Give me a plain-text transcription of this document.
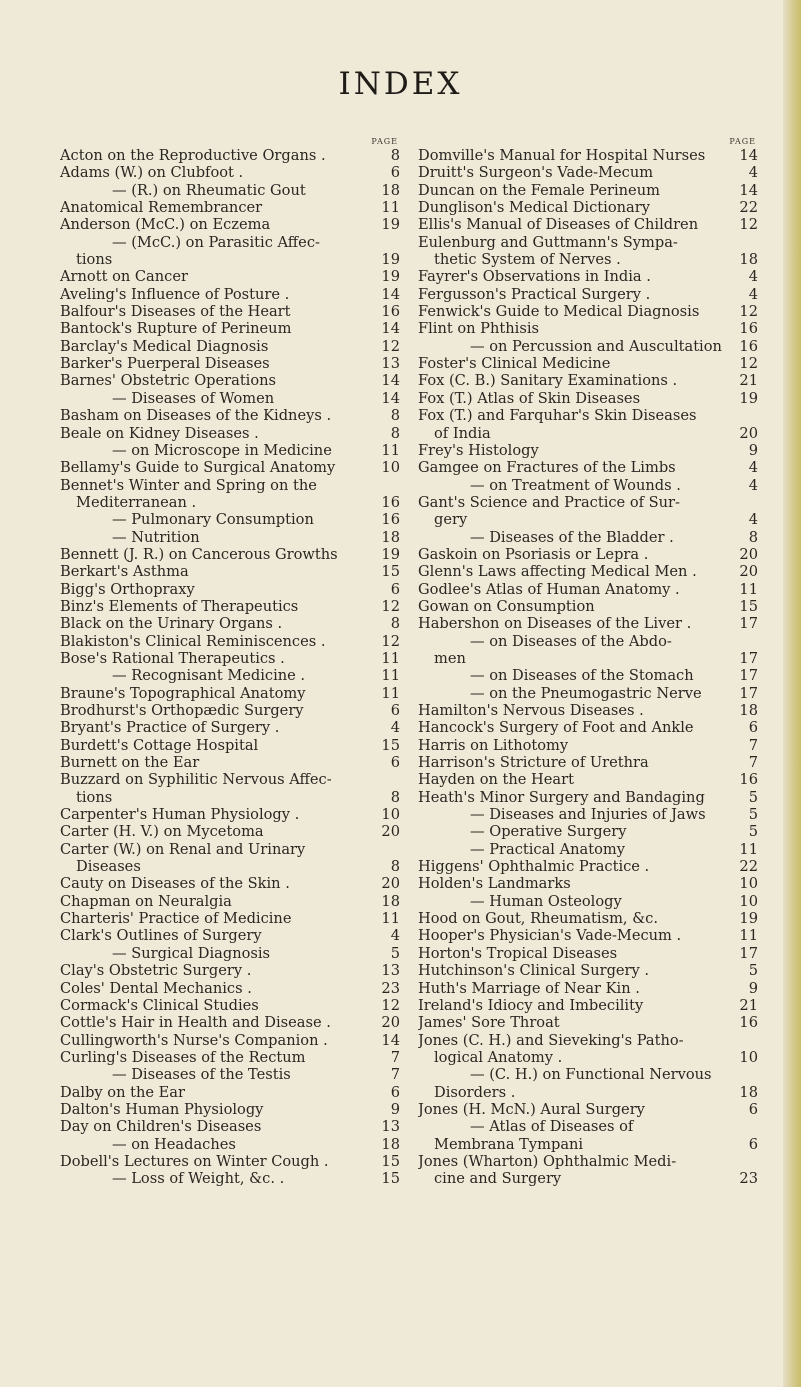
INDEX
PAGE
Acton on the Reproductive Organs .	8
Adams (W.) on Clubfoot .	6
— (R.) on Rheumatic Gout	18
Anatomical Remembrancer	11
Anderson (McC.) on Eczema	19
— (McC.) on Parasitic Affec-
tions	19
Arnott on Cancer	19
Aveling's Influence of Posture .	14
Balfour's Diseases of the Heart	16
Bantock's Rupture of Perineum	14
Barclay's Medical Diagnosis	12
Barker's Puerperal Diseases	13
Barnes' Obstetric Operations	14
— Diseases of Women	14
Basham on Diseases of the Kidneys .	8
Beale on Kidney Diseases .	8
— on Microscope in Medicine	11
Bellamy's Guide to Surgical Anatomy	10
Bennet's Winter and Spring on the
Mediterranean .	16
— Pulmonary Consumption	16
— Nutrition	18
Bennett (J. R.) on Cancerous Growths	19
Berkart's Asthma	15
Bigg's Orthopraxy	6
Binz's Elements of Therapeutics	12
Black on the Urinary Organs .	8
Blakiston's Clinical Reminiscences .	12
Bose's Rational Therapeutics .	11
— Recognisant Medicine .	11
Braune's Topographical Anatomy	11
Brodhurst's Orthopædic Surgery	6
Bryant's Practice of Surgery .	4
Burdett's Cottage Hospital	15
Burnett on the Ear	6
Buzzard on Syphilitic Nervous Affec-
tions	8
Carpenter's Human Physiology .	10
Carter (H. V.) on Mycetoma	20
Carter (W.) on Renal and Urinary
Diseases	8
Cauty on Diseases of the Skin .	20
Chapman on Neuralgia	18
Charteris' Practice of Medicine	11
Clark's Outlines of Surgery	4
— Surgical Diagnosis	5
Clay's Obstetric Surgery .	13
Coles' Dental Mechanics .	23
Cormack's Clinical Studies	12
Cottle's Hair in Health and Disease .	20
Cullingworth's Nurse's Companion .	14
Curling's Diseases of the Rectum	7
— Diseases of the Testis	7
Dalby on the Ear	6
Dalton's Human Physiology	9
Day on Children's Diseases	13
— on Headaches	18
Dobell's Lectures on Winter Cough .	15
— Loss of Weight, &c. .	15
PAGE
Domville's Manual for Hospital Nurses	14
Druitt's Surgeon's Vade-Mecum	4
Duncan on the Female Perineum	14
Dunglison's Medical Dictionary	22
Ellis's Manual of Diseases of Children	12
Eulenburg and Guttmann's Sympa-
thetic System of Nerves .	18
Fayrer's Observations in India .	4
Fergusson's Practical Surgery .	4
Fenwick's Guide to Medical Diagnosis	12
Flint on Phthisis	16
— on Percussion and Auscultation	16
Foster's Clinical Medicine	12
Fox (C. B.) Sanitary Examinations .	21
Fox (T.) Atlas of Skin Diseases	19
Fox (T.) and Farquhar's Skin Diseases
of India	20
Frey's Histology	9
Gamgee on Fractures of the Limbs	4
— on Treatment of Wounds .	4
Gant's Science and Practice of Sur-
gery	4
— Diseases of the Bladder .	8
Gaskoin on Psoriasis or Lepra .	20
Glenn's Laws affecting Medical Men .	20
Godlee's Atlas of Human Anatomy .	11
Gowan on Consumption	15
Habershon on Diseases of the Liver .	17
— on Diseases of the Abdo-
men	17
— on Diseases of the Stomach	17
— on the Pneumogastric Nerve	17
Hamilton's Nervous Diseases .	18
Hancock's Surgery of Foot and Ankle	6
Harris on Lithotomy	7
Harrison's Stricture of Urethra	7
Hayden on the Heart	16
Heath's Minor Surgery and Bandaging	5
— Diseases and Injuries of Jaws	5
— Operative Surgery	5
— Practical Anatomy	11
Higgens' Ophthalmic Practice .	22
Holden's Landmarks	10
— Human Osteology	10
Hood on Gout, Rheumatism, &c.	19
Hooper's Physician's Vade-Mecum .	11
Horton's Tropical Diseases	17
Hutchinson's Clinical Surgery .	5
Huth's Marriage of Near Kin .	9
Ireland's Idiocy and Imbecility	21
James' Sore Throat	16
Jones (C. H.) and Sieveking's Patho-
logical Anatomy .	10
— (C. H.) on Functional Nervous
Disorders .	18
Jones (H. McN.) Aural Surgery	6
— Atlas of Diseases of
Membrana Tympani	6
Jones (Wharton) Ophthalmic Medi-
cine and Surgery	23
